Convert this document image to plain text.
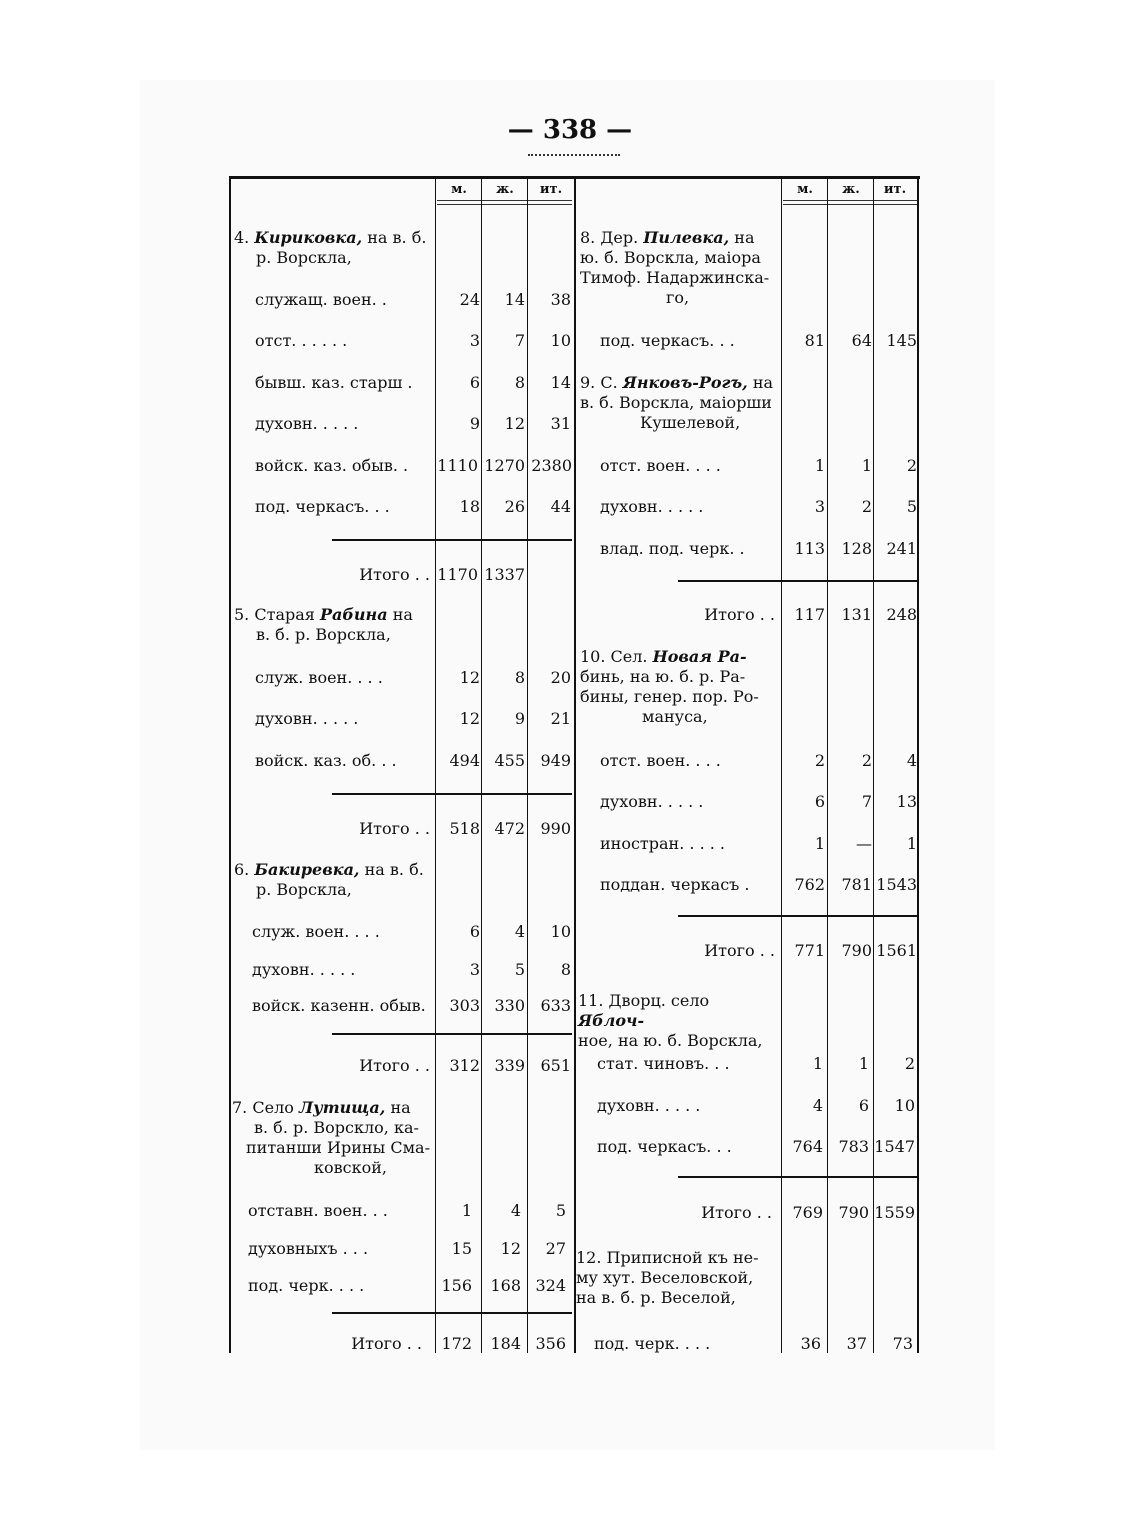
— 338 —
м.	ж.	ит.	м.	ж.	ит.
4. Кириковка, на в. б.
р. Ворскла,
служащ. воен. .	24	14	38
отст. . . . . .	3	7	10
бывш. каз. старш .	6	8	14
духовн. . . . .	9	12	31
войск. каз. обыв. . 1110 1270 2380
под. черкасъ. . .	18	26	44
Итого . . 1170 1337
5. Старая Рабина на
в. б. р. Ворскла,
служ. воен. . . .	12	8	20
духовн. . . . .	12	9	21
войск. каз. об. . .	494 455 949
Итого . .	518 472 990
6. Бакиревка, на в. б.
р. Ворскла,
служ. воен. . . .	6	4	10
духовн. . . . .	3	5	8
войск. казенн. обыв.	303 330 633
Итого . .	312 339 651
7. Село Лутища, на
в. б. р. Ворскло, ка-
питанши Ирины Сма-
ковской,
отставн. воен. . .	1	4	5
духовныхъ . . .	15	12	27
под. черк. . . .	156	168 324
Итого . .	172	184 356
8. Дер. Пилевка, на
ю. б. Ворскла, маiора
Тимоф. Надаржинска-
го,
под. черкасъ. . .	81	64 145
9. С. Янковъ-Рогъ, на
в. б. Ворскла, маiорши
Кушелевой,
отст. воен. . . .	1	1	2
духовн. . . . .	3	2	5
влад. под. черк. .	113	128 241
Итого . .	117	131 248
10. Сел. Новая Ра-
бинь, на ю. б. р. Ра-
бины, генер. пор. Ро-
мануса,
отст. воен. . . .	2	2	4
духовн. . . . .	6	7	13
иностран. . . . .	1	—	1
поддан. черкасъ .	762	781 1543
Итого . .	771	790 1561
11. Дворц. село Яблоч-
ное, на ю. б. Ворскла,
стат. чиновъ. . .	1	1	2
духовн. . . . .	4	6	10
под. черкасъ. . .	764 783 1547
Итого . .	769 790 1559
12. Приписной къ не-
му хут. Веселовской,
на в. б. р. Веселой,
под. черк. . . .	36	37	73
